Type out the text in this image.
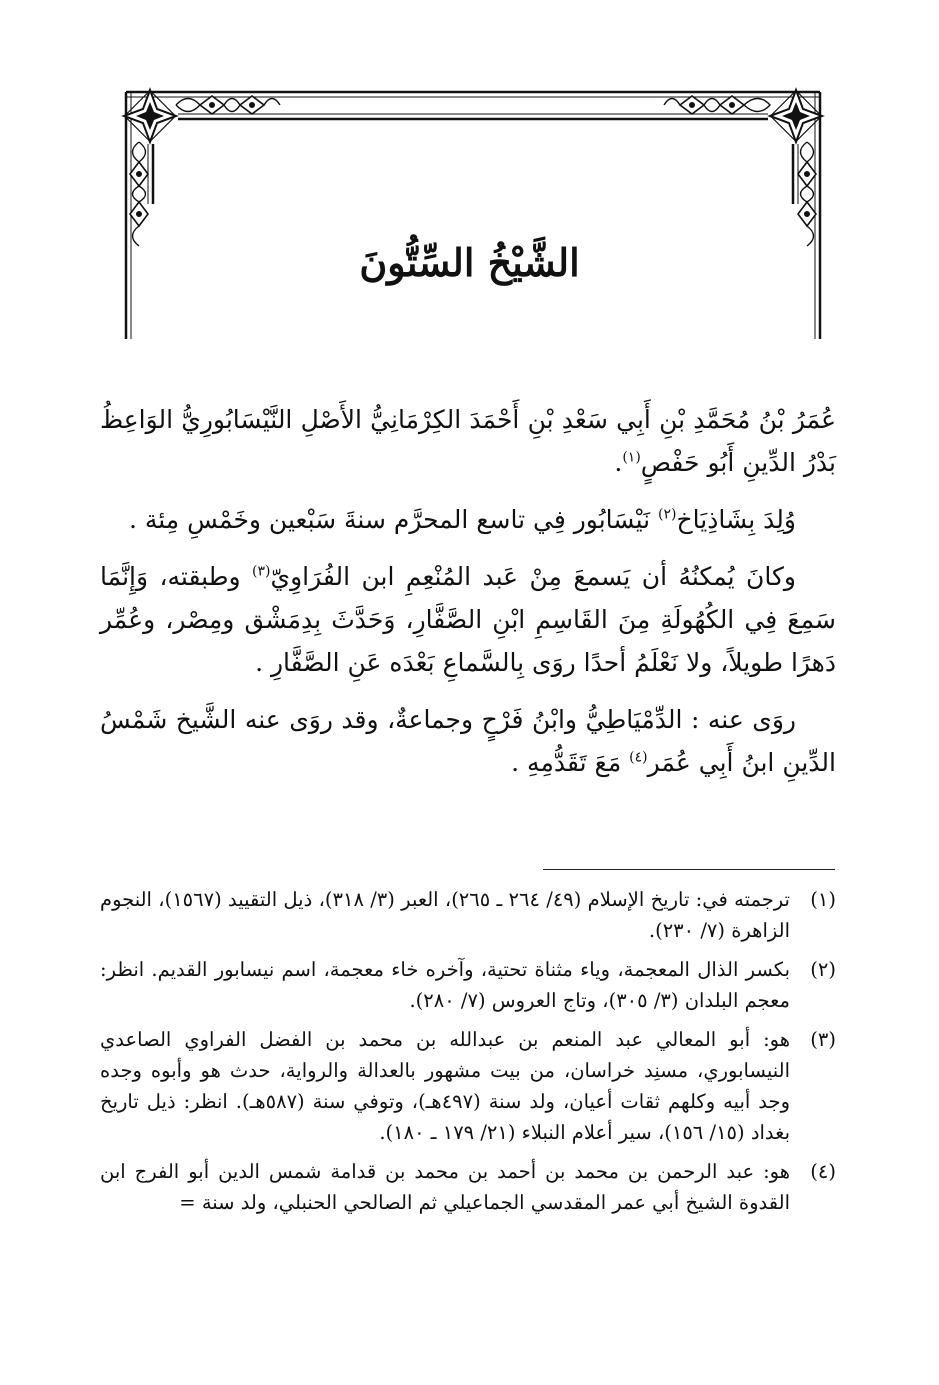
الشَّيْخُ السِّتُّونَ

عُمَرُ بْنُ مُحَمَّدِ بْنِ أَبِي سَعْدِ بْنِ أَحْمَدَ الكِرْمَانِيُّ الأَصْلِ النَّيْسَابُورِيُّ الوَاعِظُ بَدْرُ الدِّينِ أَبُو حَفْصٍ$^{(١)}$.

وُلِدَ بِشَاذِيَاخ$^{(٢)}$ نَيْسَابُور فِي تاسع المحرَّم سنةَ سَبْعين وخَمْسِ مِئة .

وكانَ يُمكنُهُ أن يَسمعَ مِنْ عَبد المُنْعِمِ ابن الفُرَاوِيّ$^{(٣)}$ وطبقته، وَإِنَّمَا سَمِعَ فِي الكُهُولَةِ مِنَ القَاسِمِ ابْنِ الصَّفَّارِ، وَحَدَّثَ بِدِمَشْق ومِصْر، وعُمِّر دَهرًا طويلاً، ولا نَعْلَمُ أحدًا روَى بِالسَّماعِ بَعْدَه عَنِ الصَّفَّارِ .

روَى عنه : الدِّمْيَاطِيُّ وابْنُ فَرْحٍ وجماعةٌ، وقد روَى عنه الشَّيخ شَمْسُ الدِّينِ ابنُ أَبِي عُمَر$^{(٤)}$ مَعَ تَقَدُّمِهِ .

(١)
ترجمته في: تاريخ الإسلام (٤٩/ ٢٦٤ ـ ٢٦٥)، العبر (٣/ ٣١٨)، ذيل التقييد (١٥٦٧)، النجوم الزاهرة (٧/ ٢٣٠).
(٢)
بكسر الذال المعجمة، وياء مثناة تحتية، وآخره خاء معجمة، اسم نيسابور القديم. انظر: معجم البلدان (٣/ ٣٠٥)، وتاج العروس (٧/ ٢٨٠).
(٣)
هو: أبو المعالي عبد المنعم بن عبدالله بن محمد بن الفضل الفراوي الصاعدي النيسابوري، مسنِد خراسان، من بيت مشهور بالعدالة والرواية، حدث هو وأبوه وجده وجد أبيه وكلهم ثقات أعيان، ولد سنة (٤٩٧هـ)، وتوفي سنة (٥٨٧هـ). انظر: ذيل تاريخ بغداد (١٥/ ١٥٦)، سير أعلام النبلاء (٢١/ ١٧٩ ـ ١٨٠).
(٤)
هو: عبد الرحمن بن محمد بن أحمد بن محمد بن قدامة شمس الدين أبو الفرج ابن القدوة الشيخ أبي عمر المقدسي الجماعيلي ثم الصالحي الحنبلي، ولد سنة =
